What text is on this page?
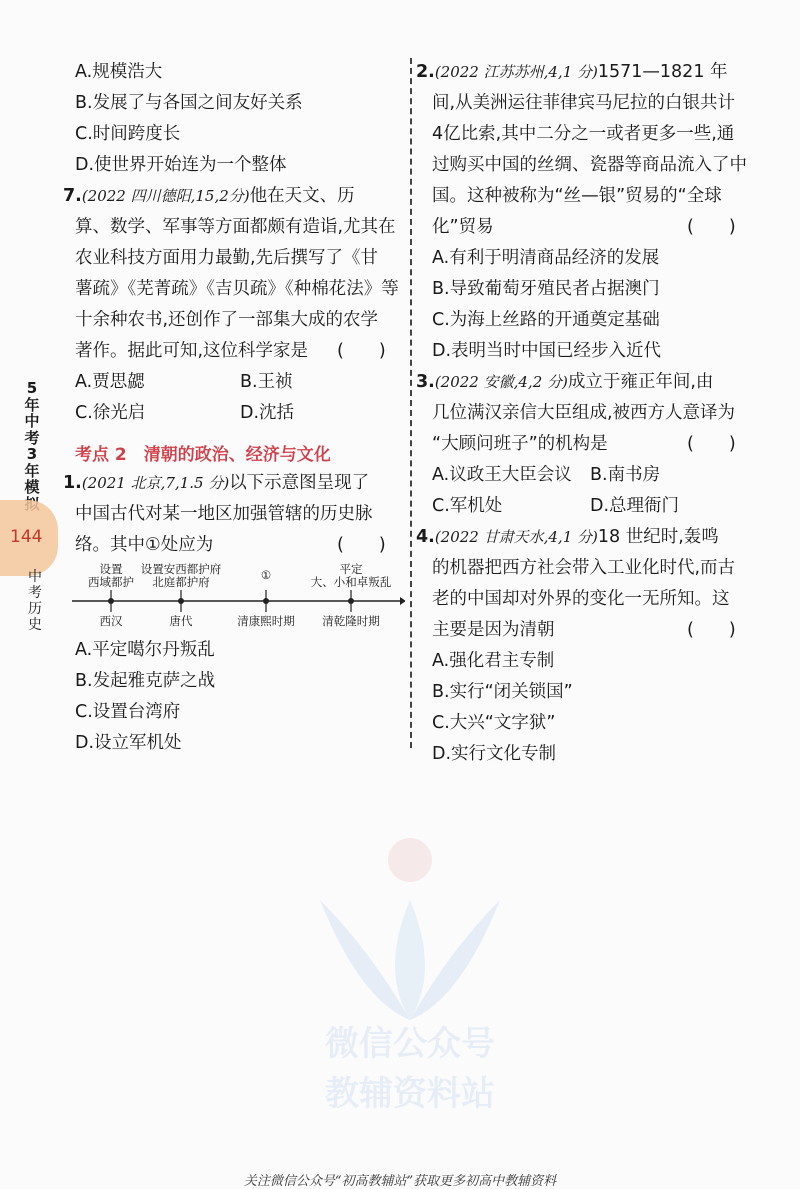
A.规模浩大
B.发展了与各国之间友好关系
C.时间跨度长
D.使世界开始连为一个整体
7.(2022 四川德阳,15,2分)他在天文、历
算、数学、军事等方面都颇有造诣,尤其在
农业科技方面用力最勤,先后撰写了《甘
薯疏》《芜菁疏》《吉贝疏》《种棉花法》等
十余种农书,还创作了一部集大成的农学
著作。据此可知,这位科学家是 (　　)
A.贾思勰	B.王祯
C.徐光启	D.沈括
1.(2021 北京,7,1.5 分)以下示意图呈现了
中国古代对某一地区加强管辖的历史脉
络。其中①处应为	(　　)
A.平定噶尔丹叛乱
B.发起雅克萨之战
C.设置台湾府
D.设立军机处
考点 2　清朝的政治、经济与文化
设置
西域都护
设置安西都护府
北庭都护府	①	平定
大、小和卓叛乱
西汉	唐代	清康熙时期	清乾隆时期
2.(2022 江苏苏州,4,1 分)1571—1821 年
间,从美洲运往菲律宾马尼拉的白银共计
4亿比索,其中二分之一或者更多一些,通
过购买中国的丝绸、瓷器等商品流入了中
国。这种被称为“丝—银”贸易的“全球
化”贸易	(　　)
A.有利于明清商品经济的发展
B.导致葡萄牙殖民者占据澳门
C.为海上丝路的开通奠定基础
D.表明当时中国已经步入近代
3.(2022 安徽,4,2 分)成立于雍正年间,由
几位满汉亲信大臣组成,被西方人意译为
“大顾问班子”的机构是	(　　)
A.议政王大臣会议 B.南书房
C.军机处	D.总理衙门
4.(2022 甘肃天水,4,1 分)18 世纪时,轰鸣
的机器把西方社会带入工业化时代,而古
老的中国却对外界的变化一无所知。这
主要是因为清朝	(　　)
A.强化君主专制
B.实行“闭关锁国”
C.大兴“文字狱”
D.实行文化专制
5年中考3年模
144
中考历史
微信公众号
教辅资料站
关注微信公众号“初高教辅站”获取更多初高中教辅资料
